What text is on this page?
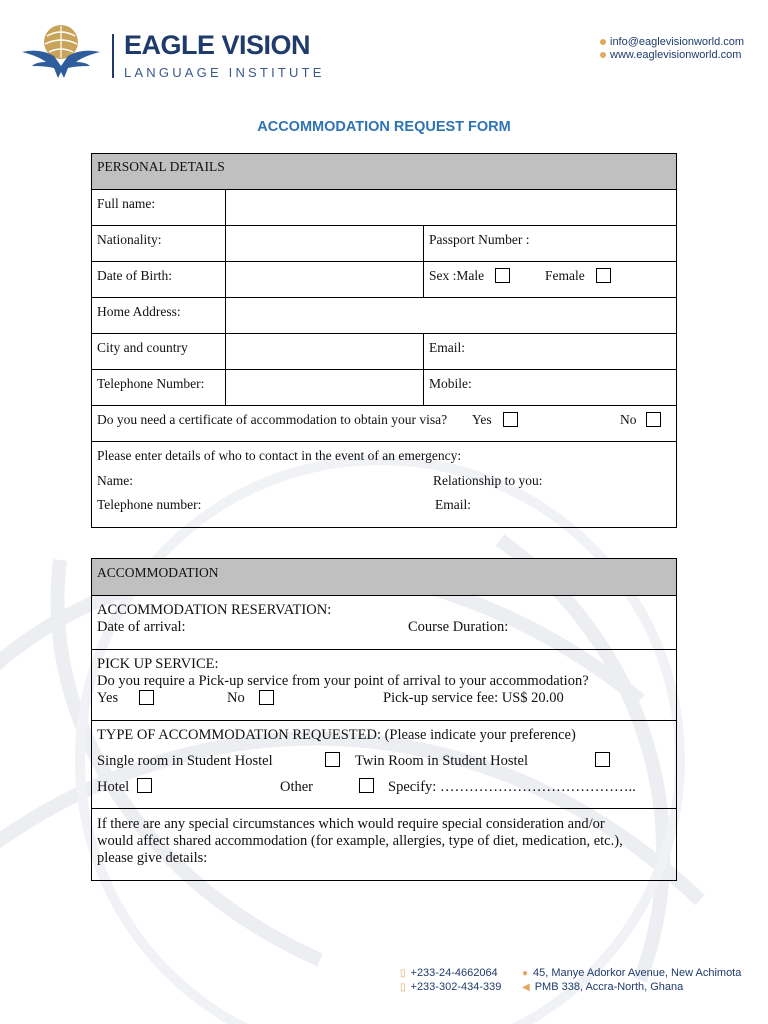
EAGLE VISION
LANGUAGE INSTITUTE
info@eaglevisionworld.com
www.eaglevisionworld.com
ACCOMMODATION REQUEST FORM
PERSONAL DETAILS
Full name:
Nationality:	Passport Number :
Date of Birth:	Sex :Male	Female
Home Address:
City and country	Email:
Telephone Number:	Mobile:
Do you need a certificate of accommodation to obtain your visa? Yes	No
Please enter details of who to contact in the event of an emergency:
Name:	Relationship to you:
Telephone number:	Email:
ACCOMMODATION
ACCOMMODATION RESERVATION:
Date of arrival:	Course Duration:
PICK UP SERVICE:
Do you require a Pick-up service from your point of arrival to your accommodation?
Yes	No	Pick-up service fee: US$ 20.00
TYPE OF ACCOMMODATION REQUESTED: (Please indicate your preference)
Single room in Student Hostel	Twin Room in Student Hostel
Hotel	Other	Specify: …………………………………..
If there are any special circumstances which would require special consideration and/or
would affect shared accommodation (for example, allergies, type of diet, medication, etc.),
please give details:
▯ +233-24-4662064
▯ +233-302-434-339
● 45, Manye Adorkor Avenue, New Achimota
◀ PMB 338, Accra-North, Ghana
